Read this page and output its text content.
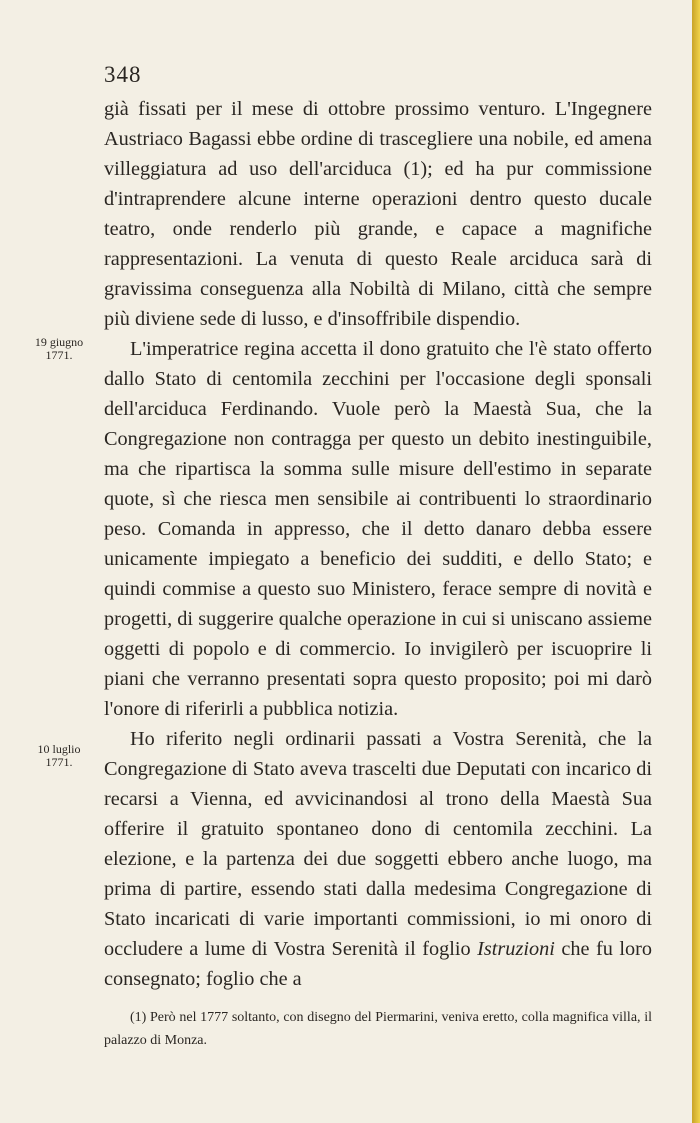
348
19 giugno
1771.
10 luglio
1771.

già fissati per il mese di ottobre prossimo venturo. L'Ingegnere Austriaco Bagassi ebbe ordine di trascegliere una nobile, ed amena villeggiatura ad uso dell'arciduca (1); ed ha pur commissione d'intraprendere alcune interne operazioni dentro questo ducale teatro, onde renderlo più grande, e capace a magnifiche rappresentazioni. La venuta di questo Reale arciduca sarà di gravissima conseguenza alla Nobiltà di Milano, città che sempre più diviene sede di lusso, e d'insoffribile dispendio.

L'imperatrice regina accetta il dono gratuito che l'è stato offerto dallo Stato di centomila zecchini per l'occasione degli sponsali dell'arciduca Ferdinando. Vuole però la Maestà Sua, che la Congregazione non contragga per questo un debito inestinguibile, ma che ripartisca la somma sulle misure dell'estimo in separate quote, sì che riesca men sensibile ai contribuenti lo straordinario peso. Comanda in appresso, che il detto danaro debba essere unicamente impiegato a beneficio dei sudditi, e dello Stato; e quindi commise a questo suo Ministero, ferace sempre di novità e progetti, di suggerire qualche operazione in cui si uniscano assieme oggetti di popolo e di commercio. Io invigilerò per iscuoprire li piani che verranno presentati sopra questo proposito; poi mi darò l'onore di riferirli a pubblica notizia.

Ho riferito negli ordinarii passati a Vostra Serenità, che la Congregazione di Stato aveva trascelti due Deputati con incarico di recarsi a Vienna, ed avvicinandosi al trono della Maestà Sua offerire il gratuito spontaneo dono di centomila zecchini. La elezione, e la partenza dei due soggetti ebbero anche luogo, ma prima di partire, essendo stati dalla medesima Congregazione di Stato incaricati di varie importanti commissioni, io mi onoro di occludere a lume di Vostra Serenità il foglio Istruzioni che fu loro consegnato; foglio che a

(1) Però nel 1777 soltanto, con disegno del Piermarini, veniva eretto, colla magnifica villa, il palazzo di Monza.
